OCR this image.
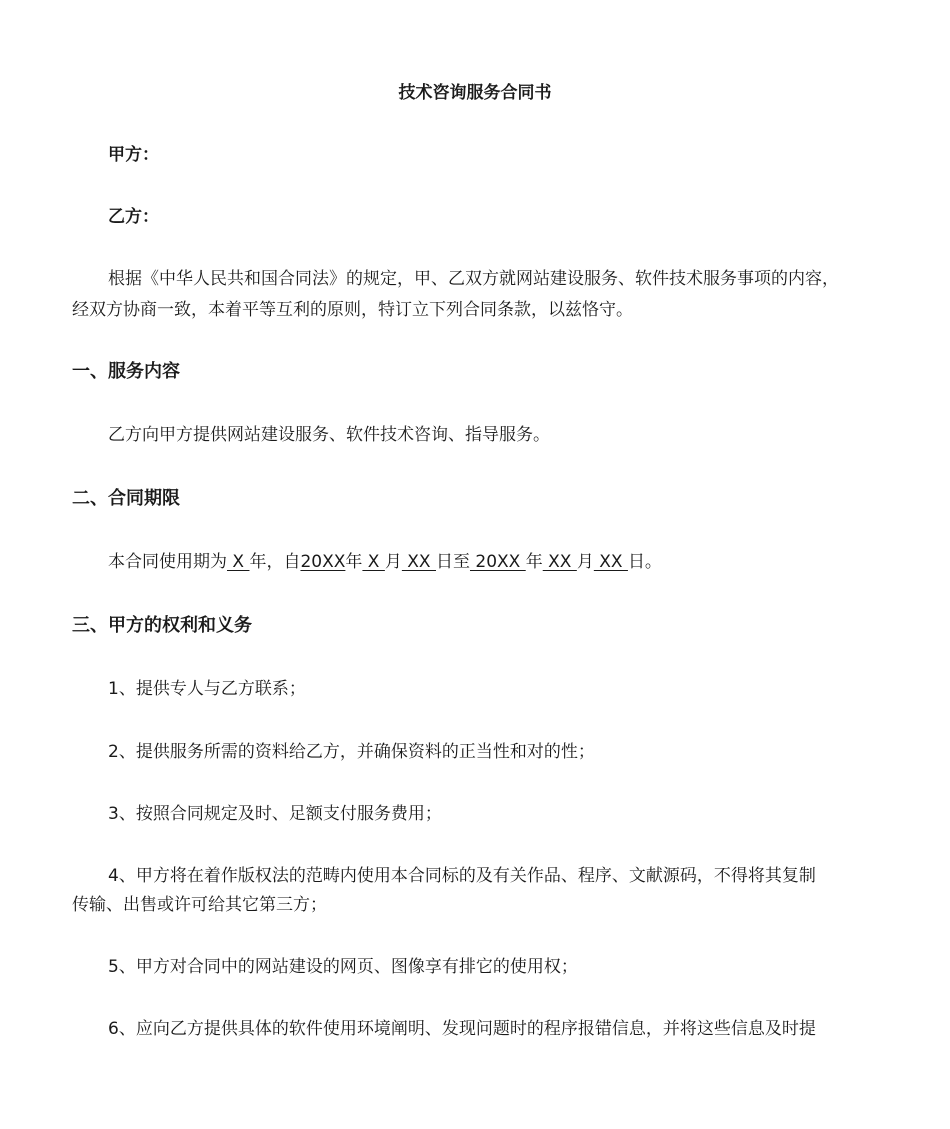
技术咨询服务合同书
甲方：
乙方：
根据《中华人民共和国合同法》的规定，甲、乙双方就网站建设服务、软件技术服务事项的内容，
经双方协商一致，本着平等互利的原则，特订立下列合同条款，以兹恪守。
一、服务内容
乙方向甲方提供网站建设服务、软件技术咨询、指导服务。
二、合同期限
本合同使用期为 X 年，自20XX年 X 月 XX 日至 20XX 年 XX 月 XX 日。
三、甲方的权利和义务
1、提供专人与乙方联系；
2、提供服务所需的资料给乙方，并确保资料的正当性和对的性；
3、按照合同规定及时、足额支付服务费用；
4、甲方将在着作版权法的范畴内使用本合同标的及有关作品、程序、文献源码，不得将其复制
传输、出售或许可给其它第三方；
5、甲方对合同中的网站建设的网页、图像享有排它的使用权；
6、应向乙方提供具体的软件使用环境阐明、发现问题时的程序报错信息，并将这些信息及时提
